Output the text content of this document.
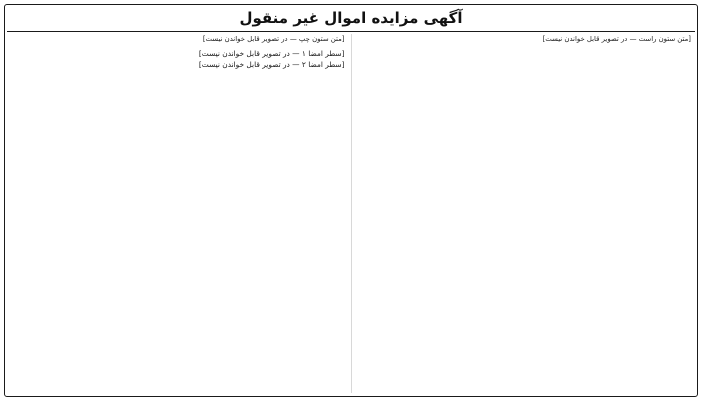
آگهی مزایده اموال غیر منقول

[متن ستون راست — در تصویر قابل خواندن نیست]

[متن ستون چپ — در تصویر قابل خواندن نیست]

[سطر امضا ۱ — در تصویر قابل خواندن نیست]
[سطر امضا ۲ — در تصویر قابل خواندن نیست]
